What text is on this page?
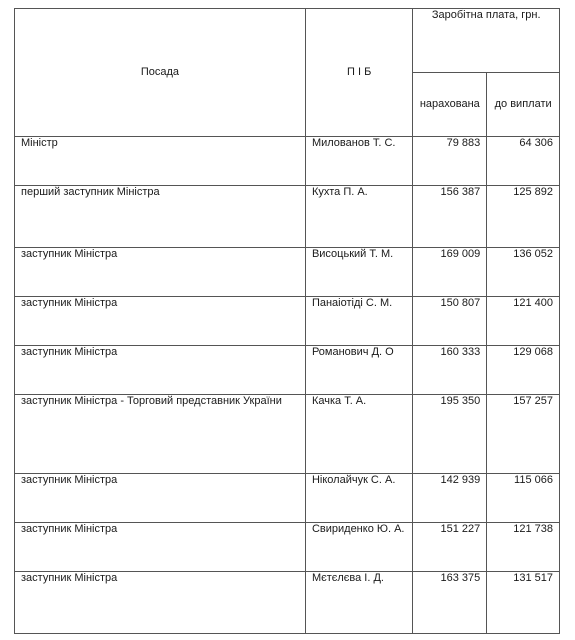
Посада	П І Б	Заробітна плата, грн.	
		нарахована	до виплати
Міністр	Милованов Т. С.	79 883	64 306
перший заступник Міністра	Кухта П. А.	156 387	125 892
заступник Міністра	Висоцький Т. М.	169 009	136 052
заступник Міністра	Панаіотіді С. М.	150 807	121 400
заступник Міністра	Романович Д. О	160 333	129 068
заступник Міністра - Торговий представник України	Качка Т. А.	195 350	157 257
заступник Міністра	Ніколайчук С. А.	142 939	115 066
заступник Міністра	Свириденко Ю. А.	151 227	121 738
заступник Міністра	Мєтєлєва І. Д.	163 375	131 517
